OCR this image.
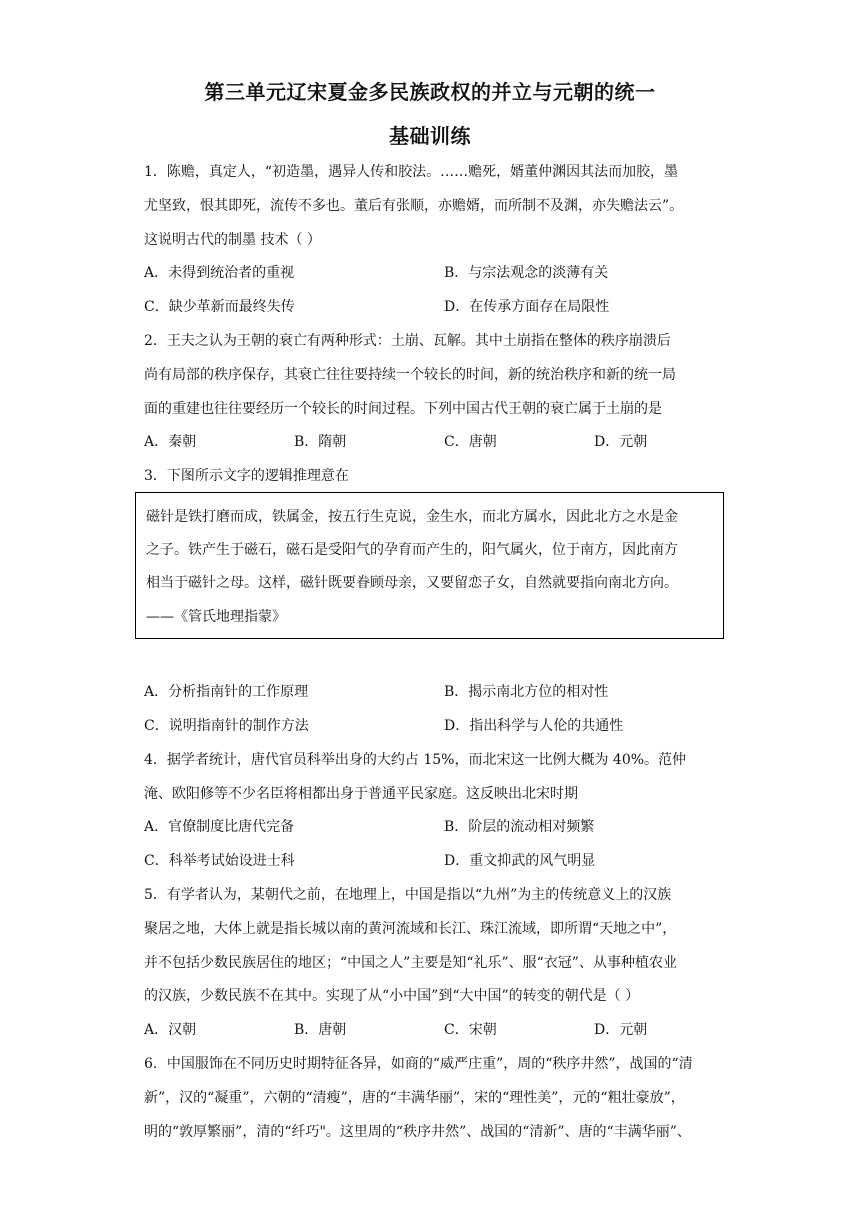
第三单元辽宋夏金多民族政权的并立与元朝的统一
基础训练
1．陈赡，真定人，“初造墨，遇异人传和胶法。……赡死，婿董仲渊因其法而加胶，墨
尤坚致，恨其即死，流传不多也。董后有张顺，亦赡婿，而所制不及渊，亦失赡法云”。
这说明古代的制墨 技术（ ）
A．未得到统治者的重视	B．与宗法观念的淡薄有关
C．缺少革新而最终失传	D．在传承方面存在局限性
2．王夫之认为王朝的衰亡有两种形式：土崩、瓦解。其中土崩指在整体的秩序崩溃后
尚有局部的秩序保存，其衰亡往往要持续一个较长的时间，新的统治秩序和新的统一局
面的重建也往往要经历一个较长的时间过程。下列中国古代王朝的衰亡属于土崩的是
A．秦朝	B．隋朝	C．唐朝	D．元朝
3．下图所示文字的逻辑推理意在
磁针是铁打磨而成，铁属金，按五行生克说，金生水，而北方属水，因此北方之水是金
之子。铁产生于磁石，磁石是受阳气的孕育而产生的，阳气属火，位于南方，因此南方
相当于磁针之母。这样，磁针既要眷顾母亲，又要留恋子女，自然就要指向南北方向。
——《管氏地理指蒙》
A．分析指南针的工作原理	B．揭示南北方位的相对性
C．说明指南针的制作方法	D．指出科学与人伦的共通性
4．据学者统计，唐代官员科举出身的大约占 15%，而北宋这一比例大概为 40%。范仲
淹、欧阳修等不少名臣将相都出身于普通平民家庭。这反映出北宋时期
A．官僚制度比唐代完备	B．阶层的流动相对频繁
C．科举考试始设进士科	D．重文抑武的风气明显
5．有学者认为，某朝代之前，在地理上，中国是指以“九州”为主的传统意义上的汉族
聚居之地，大体上就是指长城以南的黄河流域和长江、珠江流域，即所谓“天地之中”，
并不包括少数民族居住的地区；“中国之人”主要是知“礼乐”、服“衣冠”、从事种植农业
的汉族，少数民族不在其中。实现了从“小中国”到“大中国”的转变的朝代是（ ）
A．汉朝	B．唐朝	C．宋朝	D．元朝
6．中国服饰在不同历史时期特征各异，如商的“威严庄重”，周的“秩序井然”，战国的“清
新”，汉的“凝重”，六朝的“清瘦”，唐的“丰满华丽”，宋的“理性美”，元的“粗壮豪放”，
明的“敦厚繁丽”，清的“纤巧"。这里周的“秩序井然”、战国的“清新”、唐的“丰满华丽”、
